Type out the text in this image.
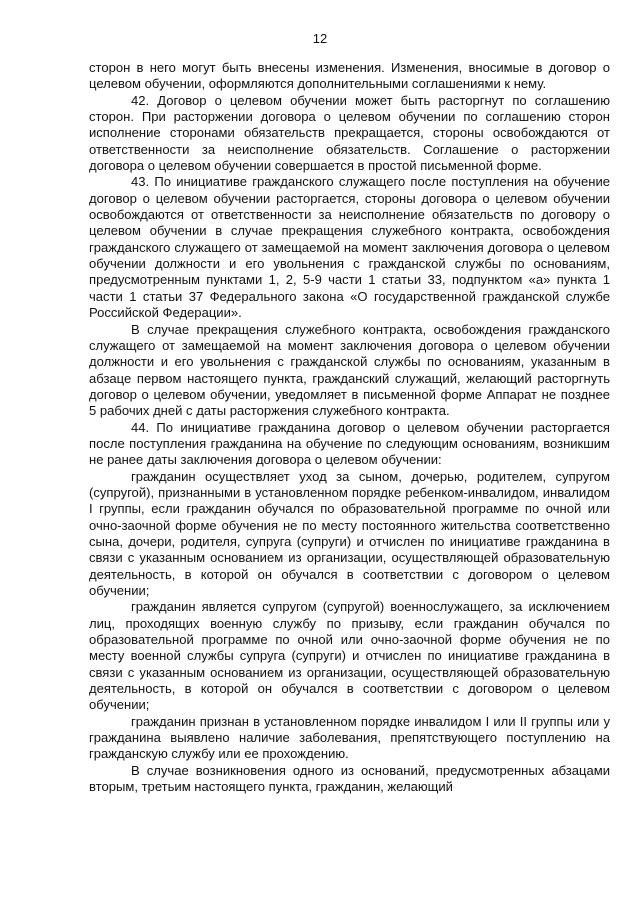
12

сторон в него могут быть внесены изменения. Изменения, вносимые в договор о целевом обучении, оформляются дополнительными соглашениями к нему.

42. Договор о целевом обучении может быть расторгнут по соглашению сторон. При расторжении договора о целевом обучении по соглашению сторон исполнение сторонами обязательств прекращается, стороны освобождаются от ответственности за неисполнение обязательств. Соглашение о расторжении договора о целевом обучении совершается в простой письменной форме.

43. По инициативе гражданского служащего после поступления на обучение договор о целевом обучении расторгается, стороны договора о целевом обучении освобождаются от ответственности за неисполнение обязательств по договору о целевом обучении в случае прекращения служебного контракта, освобождения гражданского служащего от замещаемой на момент заключения договора о целевом обучении должности и его увольнения с гражданской службы по основаниям, предусмотренным пунктами 1, 2, 5-9 части 1 статьи 33, подпунктом «а» пункта 1 части 1 статьи 37 Федерального закона «О государственной гражданской службе Российской Федерации».

В случае прекращения служебного контракта, освобождения гражданского служащего от замещаемой на момент заключения договора о целевом обучении должности и его увольнения с гражданской службы по основаниям, указанным в абзаце первом настоящего пункта, гражданский служащий, желающий расторгнуть договор о целевом обучении, уведомляет в письменной форме Аппарат не позднее 5 рабочих дней с даты расторжения служебного контракта.

44. По инициативе гражданина договор о целевом обучении расторгается после поступления гражданина на обучение по следующим основаниям, возникшим не ранее даты заключения договора о целевом обучении:

гражданин осуществляет уход за сыном, дочерью, родителем, супругом (супругой), признанными в установленном порядке ребенком-инвалидом, инвалидом I группы, если гражданин обучался по образовательной программе по очной или очно-заочной форме обучения не по месту постоянного жительства соответственно сына, дочери, родителя, супруга (супруги) и отчислен по инициативе гражданина в связи с указанным основанием из организации, осуществляющей образовательную деятельность, в которой он обучался в соответствии с договором о целевом обучении;

гражданин является супругом (супругой) военнослужащего, за исключением лиц, проходящих военную службу по призыву, если гражданин обучался по образовательной программе по очной или очно-заочной форме обучения не по месту военной службы супруга (супруги) и отчислен по инициативе гражданина в связи с указанным основанием из организации, осуществляющей образовательную деятельность, в которой он обучался в соответствии с договором о целевом обучении;

гражданин признан в установленном порядке инвалидом I или II группы или у гражданина выявлено наличие заболевания, препятствующего поступлению на гражданскую службу или ее прохождению.

В случае возникновения одного из оснований, предусмотренных абзацами вторым, третьим настоящего пункта, гражданин, желающий
